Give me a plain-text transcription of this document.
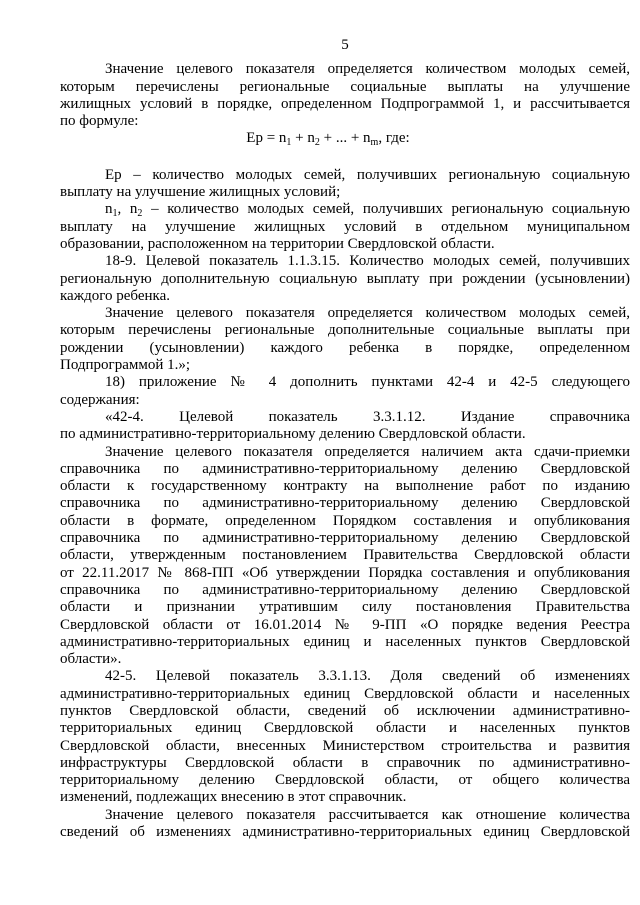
5
Значение целевого показателя определяется количеством молодых семей,
которым перечислены региональные социальные выплаты на улучшение
жилищных условий в порядке, определенном Подпрограммой 1, и рассчитывается
по формуле:
Ер = $n_1 + n_2$ + ... + $n_m$, где:
Ер – количество молодых семей, получивших региональную социальную
выплату на улучшение жилищных условий;
$n_1$, $n_2$ – количество молодых семей, получивших региональную социальную
выплату на улучшение жилищных условий в отдельном муниципальном
образовании, расположенном на территории Свердловской области.
18-9. Целевой показатель 1.1.3.15. Количество молодых семей, получивших
региональную дополнительную социальную выплату при рождении (усыновлении)
каждого ребенка.
Значение целевого показателя определяется количеством молодых семей,
которым перечислены региональные дополнительные социальные выплаты при
рождении (усыновлении) каждого ребенка в порядке, определенном
Подпрограммой 1.»;
18) приложение № 4 дополнить пунктами 42-4 и 42-5 следующего
содержания:
«42-4. Целевой показатель 3.3.1.12. Издание справочника
по административно-территориальному делению Свердловской области.
Значение целевого показателя определяется наличием акта сдачи-приемки
справочника по административно-территориальному делению Свердловской
области к государственному контракту на выполнение работ по изданию
справочника по административно-территориальному делению Свердловской
области в формате, определенном Порядком составления и опубликования
справочника по административно-территориальному делению Свердловской
области, утвержденным постановлением Правительства Свердловской области
от 22.11.2017 № 868-ПП «Об утверждении Порядка составления и опубликования
справочника по административно-территориальному делению Свердловской
области и признании утратившим силу постановления Правительства
Свердловской области от 16.01.2014 № 9-ПП «О порядке ведения Реестра
административно-территориальных единиц и населенных пунктов Свердловской
области».
42-5. Целевой показатель 3.3.1.13. Доля сведений об изменениях
административно-территориальных единиц Свердловской области и населенных
пунктов Свердловской области, сведений об исключении административно-
территориальных единиц Свердловской области и населенных пунктов
Свердловской области, внесенных Министерством строительства и развития
инфраструктуры Свердловской области в справочник по административно-
территориальному делению Свердловской области, от общего количества
изменений, подлежащих внесению в этот справочник.
Значение целевого показателя рассчитывается как отношение количества
сведений об изменениях административно-территориальных единиц Свердловской
